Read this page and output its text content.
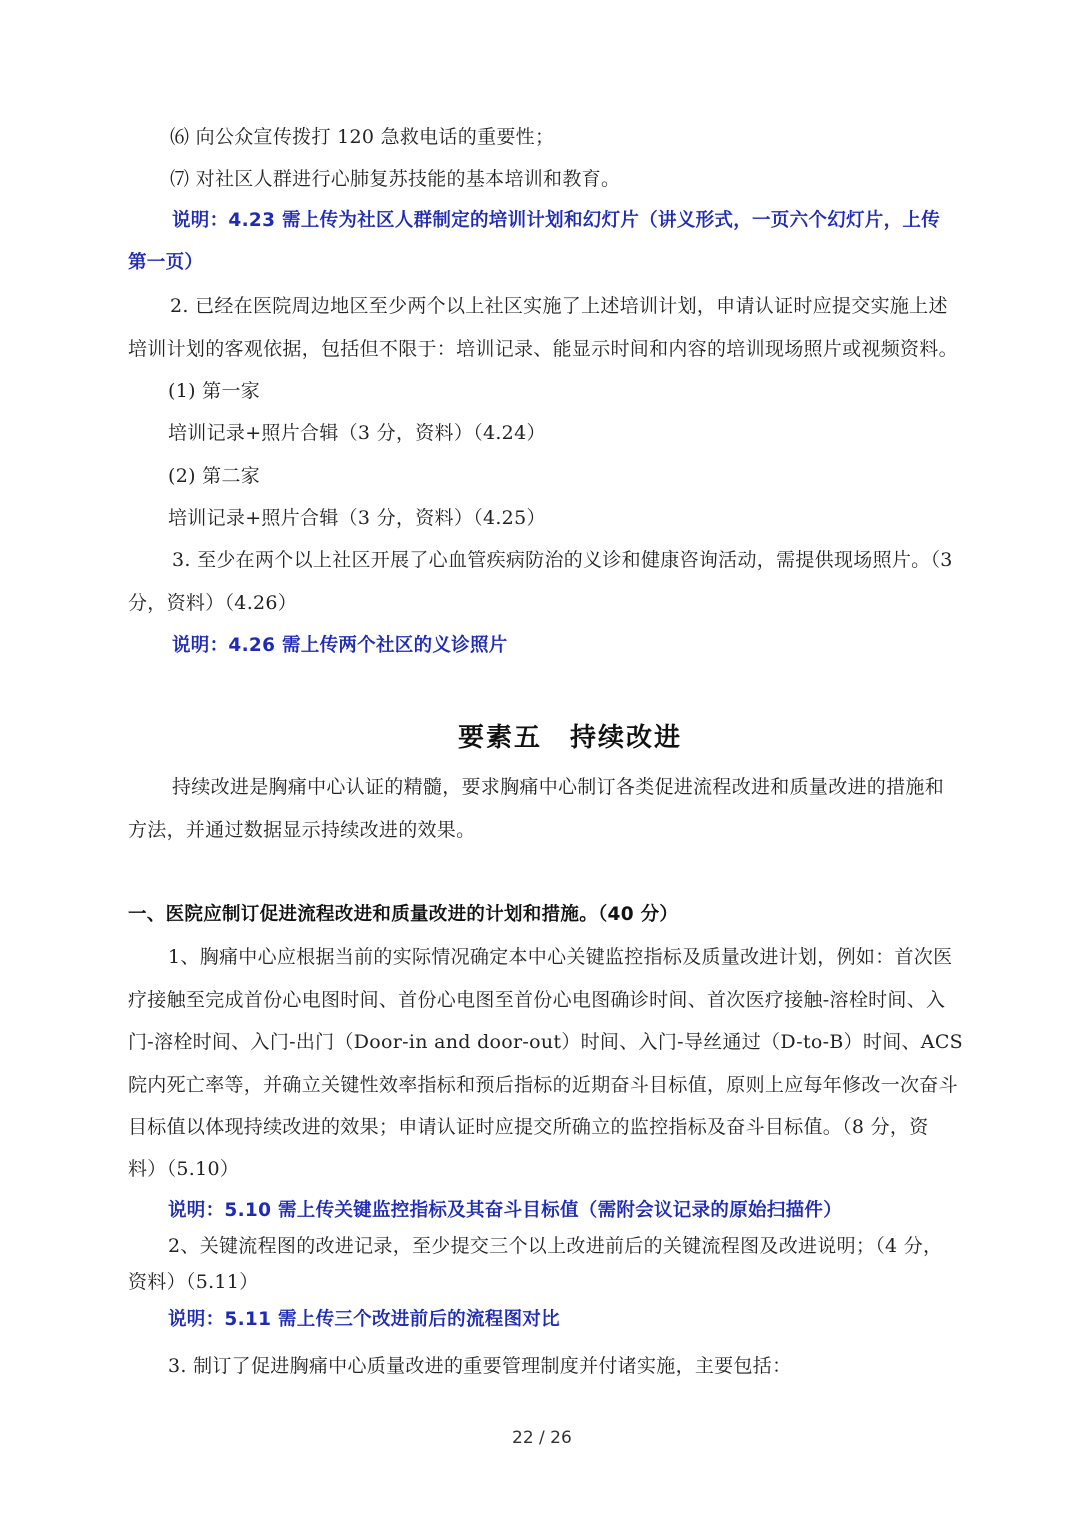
⑹ 向公众宣传拨打 120 急救电话的重要性；
⑺ 对社区人群进行心肺复苏技能的基本培训和教育。
说明：4.23 需上传为社区人群制定的培训计划和幻灯片（讲义形式，一页六个幻灯片，上传
第一页）
2. 已经在医院周边地区至少两个以上社区实施了上述培训计划，申请认证时应提交实施上述
培训计划的客观依据，包括但不限于：培训记录、能显示时间和内容的培训现场照片或视频资料。
(1) 第一家
培训记录+照片合辑（3 分，资料）（4.24）
(2) 第二家
培训记录+照片合辑（3 分，资料）（4.25）
3. 至少在两个以上社区开展了心血管疾病防治的义诊和健康咨询活动，需提供现场照片。（3
分，资料）（4.26）
说明：4.26 需上传两个社区的义诊照片
要素五　持续改进
持续改进是胸痛中心认证的精髓，要求胸痛中心制订各类促进流程改进和质量改进的措施和
方法，并通过数据显示持续改进的效果。
一、医院应制订促进流程改进和质量改进的计划和措施。（40 分）
1、胸痛中心应根据当前的实际情况确定本中心关键监控指标及质量改进计划，例如：首次医
疗接触至完成首份心电图时间、首份心电图至首份心电图确诊时间、首次医疗接触-溶栓时间、入
门-溶栓时间、入门-出门（Door-in and door-out）时间、入门-导丝通过（D-to-B）时间、ACS
院内死亡率等，并确立关键性效率指标和预后指标的近期奋斗目标值，原则上应每年修改一次奋斗
目标值以体现持续改进的效果；申请认证时应提交所确立的监控指标及奋斗目标值。（8 分，资
料）（5.10）
说明：5.10 需上传关键监控指标及其奋斗目标值（需附会议记录的原始扫描件）
2、关键流程图的改进记录，至少提交三个以上改进前后的关键流程图及改进说明；（4 分，
资料）（5.11）
说明：5.11 需上传三个改进前后的流程图对比
3. 制订了促进胸痛中心质量改进的重要管理制度并付诸实施，主要包括：
22 / 26
